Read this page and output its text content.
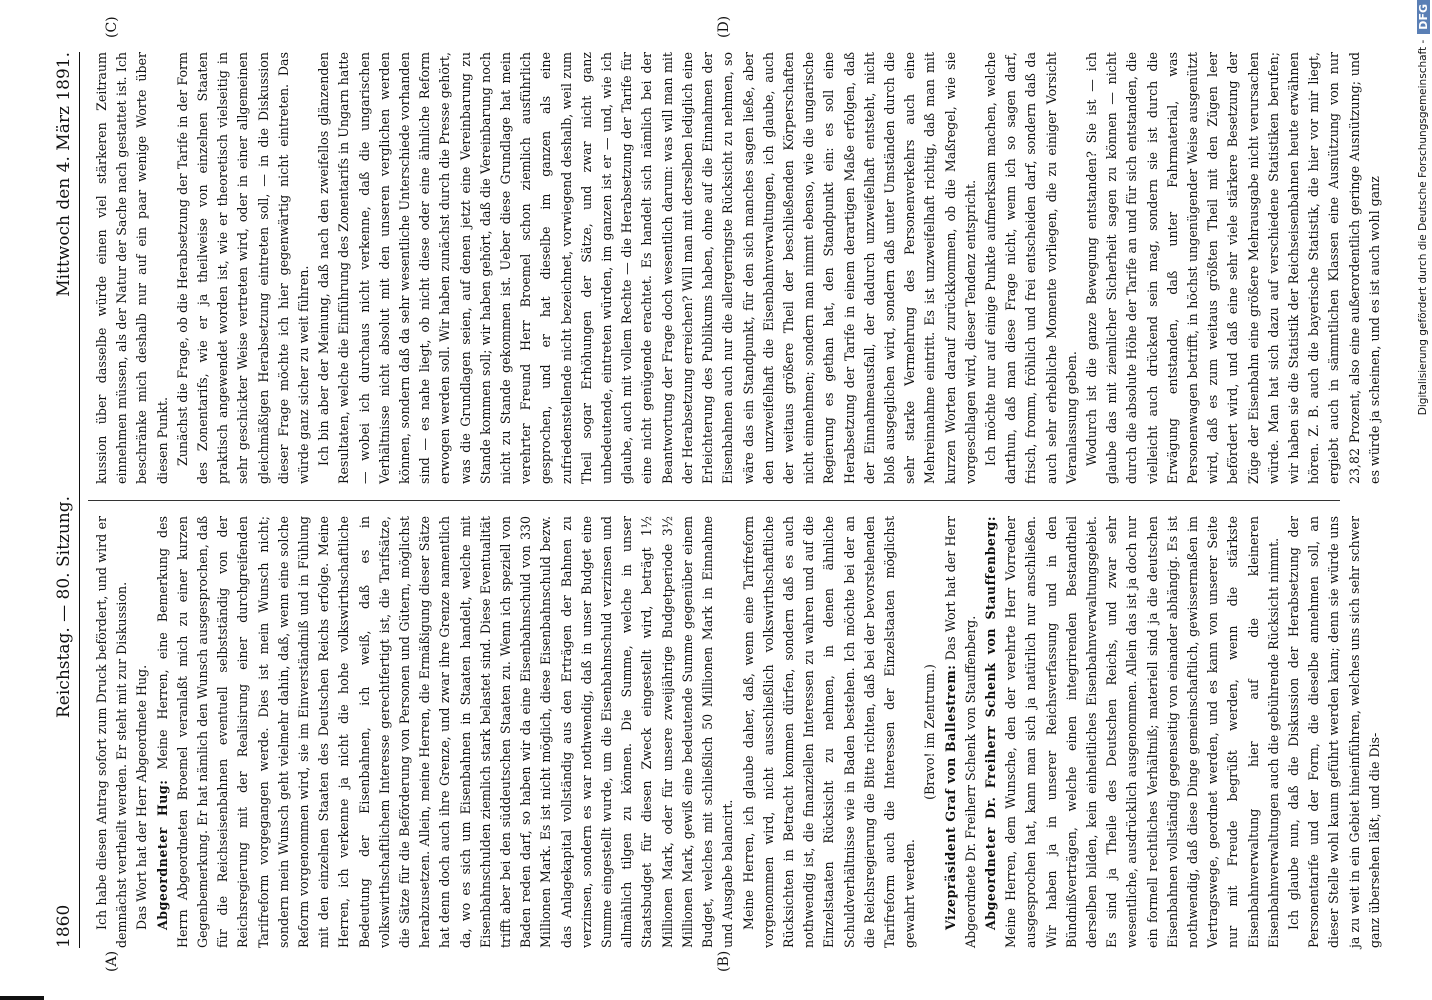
1860
Reichstag. — 80. Sitzung.
Mittwoch den 4. März 1891.
(A)	(B)
(C)	(D)

Ich habe diesen Antrag sofort zum Druck befördert, und wird er demnächst vertheilt werden. Er steht mit zur Diskussion. Das Wort hat der Herr Abgeordnete Hug. Abgeordneter Hug: Meine Herren, eine Bemerkung des Herrn Abgeordneten Broemel veranlaßt mich zu einer kurzen Gegenbemerkung. Er hat nämlich den Wunsch ausgesprochen, daß für die Reichseisenbahnen eventuell selbstständig von der Reichsregierung mit der Realisirung einer durchgreifenden Tarifreform vorgegangen werde. Dies ist mein Wunsch nicht; sondern mein Wunsch geht vielmehr dahin, daß, wenn eine solche Reform vorgenommen wird, sie im Einverständniß und in Fühlung mit den einzelnen Staaten des Deutschen Reichs erfolge. Meine Herren, ich verkenne ja nicht die hohe volkswirthschaftliche Bedeutung der Eisenbahnen, ich weiß, daß es in volkswirthschaftlichem Interesse gerechtfertigt ist, die Tarifsätze, die Sätze für die Beförderung von Personen und Gütern, möglichst herabzusetzen. Allein, meine Herren, die Ermäßigung dieser Sätze hat denn doch auch ihre Grenze, und zwar ihre Grenze namentlich da, wo es sich um Eisenbahnen in Staaten handelt, welche mit Eisenbahnschulden ziemlich stark belastet sind. Diese Eventualität trifft aber bei den süddeutschen Staaten zu. Wenn ich speziell von Baden reden darf, so haben wir da eine Eisenbahnschuld von 330 Millionen Mark. Es ist nicht möglich, diese Eisenbahnschuld bezw. das Anlagekapital vollständig aus den Erträgen der Bahnen zu verzinsen, sondern es war nothwendig, daß in unser Budget eine Summe eingestellt wurde, um die Eisenbahnschuld verzinsen und allmählich tilgen zu können. Die Summe, welche in unser Staatsbudget für diesen Zweck eingestellt wird, beträgt 1½ Millionen Mark, oder für unsere zweijährige Budgetperiode 3½ Millionen Mark, gewiß eine bedeutende Summe gegenüber einem Budget, welches mit schließlich 50 Millionen Mark in Einnahme und Ausgabe balancirt. Meine Herren, ich glaube daher, daß, wenn eine Tarifreform vorgenommen wird, nicht ausschließlich volkswirthschaftliche Rücksichten in Betracht kommen dürfen, sondern daß es auch nothwendig ist, die finanziellen Interessen zu wahren und auf die Einzelstaaten Rücksicht zu nehmen, in denen ähnliche Schuldverhältnisse wie in Baden bestehen. Ich möchte bei der an die Reichsregierung die Bitte richten, daß bei der bevorstehenden Tarifreform auch die Interessen der Einzelstaaten möglichst gewahrt werden.

(Bravo! im Zentrum.) Vizepräsident Graf von Ballestrem: Das Wort hat der Herr Abgeordnete Dr. Freiherr Schenk von Stauffenberg. Abgeordneter Dr. Freiherr Schenk von Stauffenberg: Meine Herren, dem Wunsche, den der verehrte Herr Vorredner ausgesprochen hat, kann man sich ja natürlich nur anschließen. Wir haben ja in unserer Reichsverfassung und in den Bündnißverträgen, welche einen integrirenden Bestandtheil derselben bilden, kein einheitliches Eisenbahnverwaltungsgebiet. Es sind ja Theile des Deutschen Reichs, und zwar sehr wesentliche, ausdrücklich ausgenommen. Allein das ist ja doch nur ein formell rechtliches Verhältniß; materiell sind ja die deutschen Eisenbahnen vollständig gegenseitig von einander abhängig. Es ist nothwendig, daß diese Dinge gemeinschaftlich, gewissermaßen im Vertragswege, geordnet werden, und es kann von unserer Seite nur mit Freude begrüßt werden, wenn die stärkste Eisenbahnverwaltung hier auf die kleineren Eisenbahnverwaltungen auch die gebührende Rücksicht nimmt. Ich glaube nun, daß die Diskussion der Herabsetzung der Personentarife und der Form, die dieselbe annehmen soll, an dieser Stelle wohl kaum geführt werden kann; denn sie würde uns ja zu weit in ein Gebiet hineinführen, welches uns sich sehr schwer ganz übersehen läßt, und die Dis-

kussion über dasselbe würde einen viel stärkeren Zeitraum einnehmen müssen, als der Natur der Sache nach gestattet ist. Ich beschränke mich deshalb nur auf ein paar wenige Worte über diesen Punkt. Zunächst die Frage, ob die Herabsetzung der Tarife in der Form des Zonentarifs, wie er ja theilweise von einzelnen Staaten praktisch angewendet worden ist, wie er theoretisch vielseitig in sehr geschickter Weise vertreten wird, oder in einer allgemeinen gleichmäßigen Herabsetzung eintreten soll, — in die Diskussion dieser Frage möchte ich hier gegenwärtig nicht eintreten. Das würde ganz sicher zu weit führen. Ich bin aber der Meinung, daß nach den zweifellos glänzenden Resultaten, welche die Einführung des Zonentarifs in Ungarn hatte — wobei ich durchaus nicht verkenne, daß die ungarischen Verhältnisse nicht absolut mit den unseren verglichen werden können, sondern daß da sehr wesentliche Unterschiede vorhanden sind — es nahe liegt, ob nicht diese oder eine ähnliche Reform erwogen werden soll. Wir haben zunächst durch die Presse gehört, was die Grundlagen seien, auf denen jetzt eine Vereinbarung zu Stande kommen soll; wir haben gehört, daß die Vereinbarung noch nicht zu Stande gekommen ist. Ueber diese Grundlage hat mein verehrter Freund Herr Broemel schon ziemlich ausführlich gesprochen, und er hat dieselbe im ganzen als eine zufriedenstellende nicht bezeichnet, vorwiegend deshalb, weil zum Theil sogar Erhöhungen der Sätze, und zwar nicht ganz unbedeutende, eintreten würden, im ganzen ist er — und, wie ich glaube, auch mit vollem Rechte — die Herabsetzung der Tarife für eine nicht genügende erachtet. Es handelt sich nämlich bei der Beantwortung der Frage doch wesentlich darum: was will man mit der Herabsetzung erreichen? Will man mit derselben lediglich eine Erleichterung des Publikums haben, ohne auf die Einnahmen der Eisenbahnen auch nur die allergeringste Rücksicht zu nehmen, so wäre das ein Standpunkt, für den sich manches sagen ließe, aber den unzweifelhaft die Eisenbahnverwaltungen, ich glaube, auch der weitaus größere Theil der beschließenden Körperschaften nicht einnehmen; sondern man nimmt ebenso, wie die ungarische Regierung es gethan hat, den Standpunkt ein: es soll eine Herabsetzung der Tarife in einem derartigen Maße erfolgen, daß der Einnahmeausfall, der dadurch unzweifelhaft entsteht, nicht bloß ausgeglichen wird, sondern daß unter Umständen durch die sehr starke Vermehrung des Personenverkehrs auch eine Mehreinnahme eintritt. Es ist unzweifelhaft richtig, daß man mit kurzen Worten darauf zurückkommen, ob die Maßregel, wie sie vorgeschlagen wird, dieser Tendenz entspricht. Ich möchte nur auf einige Punkte aufmerksam machen, welche darthun, daß man diese Frage nicht, wenn ich so sagen darf, frisch, fromm, fröhlich und frei entscheiden darf, sondern daß da auch sehr erhebliche Momente vorliegen, die zu einiger Vorsicht Veranlassung geben. Wodurch ist die ganze Bewegung entstanden? Sie ist — ich glaube das mit ziemlicher Sicherheit sagen zu können — nicht durch die absolute Höhe der Tarife an und für sich entstanden, die vielleicht auch drückend sein mag, sondern sie ist durch die Erwägung entstanden, daß unter Fahrmaterial, was Personenwagen betrifft, in höchst ungenügender Weise ausgenützt wird, daß es zum weitaus größten Theil mit den Zügen leer befördert wird, und daß eine sehr viele stärkere Besetzung der Züge der Eisenbahn eine größere Mehrausgabe nicht verursachen würde. Man hat sich dazu auf verschiedene Statistiken berufen; wir haben sie die Statistik der Reichseisenbahnen heute erwähnen hören. Z. B. auch die bayerische Statistik, die hier vor mir liegt, ergiebt auch in sämmtlichen Klassen eine Ausnützung von nur 23,82 Prozent, also eine außerordentlich geringe Ausnützung; und es würde ja scheinen, und es ist auch wohl ganz	Digitalisierung gefördert durch die Deutsche Forschungsgemeinschaft -
DFG
